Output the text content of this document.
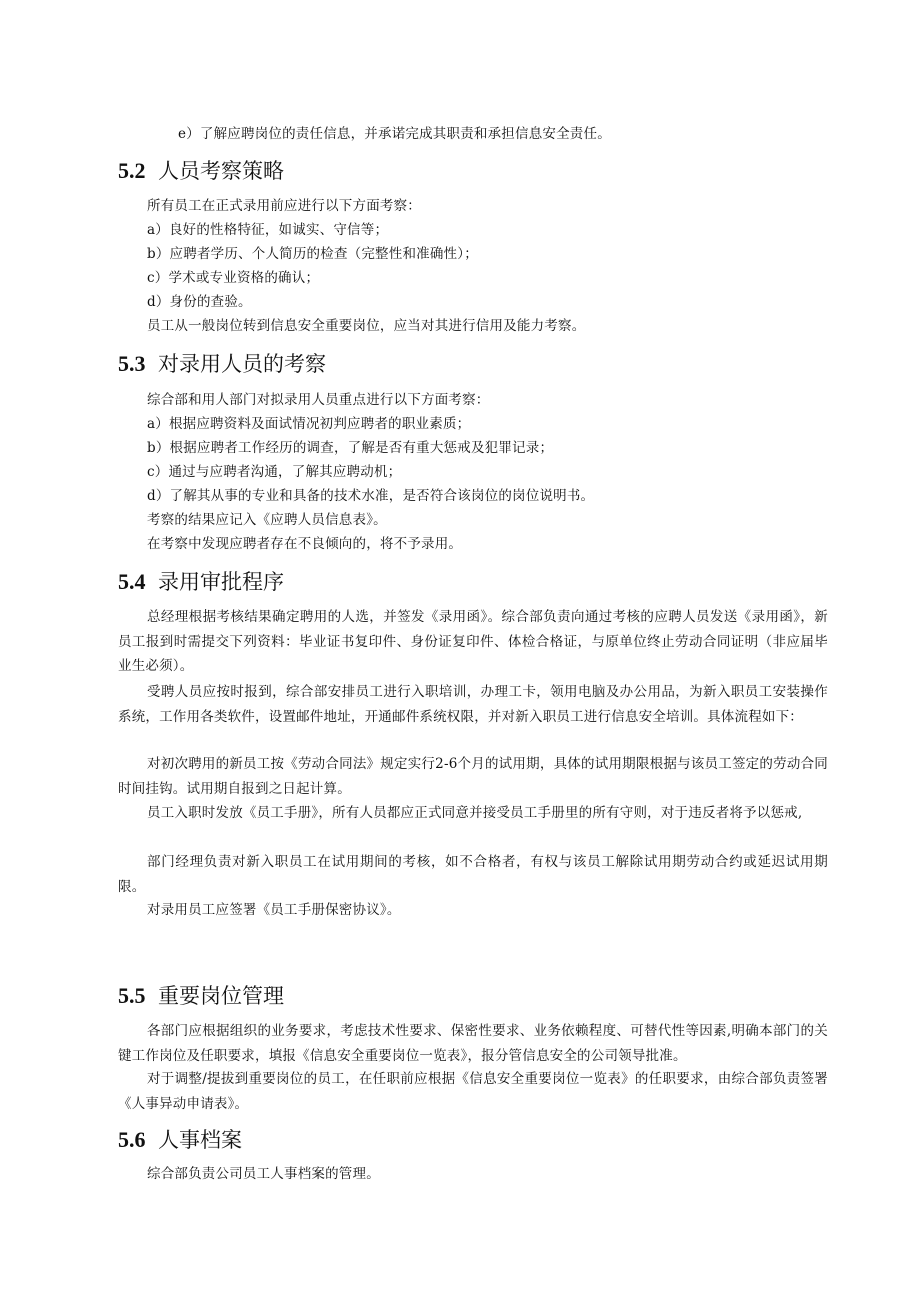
e）了解应聘岗位的责任信息，并承诺完成其职责和承担信息安全责任。
5.2 人员考察策略
所有员工在正式录用前应进行以下方面考察：
a）良好的性格特征，如诚实、守信等；
b）应聘者学历、个人简历的检查（完整性和准确性）；
c）学术或专业资格的确认；
d）身份的查验。
员工从一般岗位转到信息安全重要岗位，应当对其进行信用及能力考察。
5.3 对录用人员的考察
综合部和用人部门对拟录用人员重点进行以下方面考察：
a）根据应聘资料及面试情况初判应聘者的职业素质；
b）根据应聘者工作经历的调查，了解是否有重大惩戒及犯罪记录；
c）通过与应聘者沟通，了解其应聘动机；
d）了解其从事的专业和具备的技术水准，是否符合该岗位的岗位说明书。
考察的结果应记入《应聘人员信息表》。
在考察中发现应聘者存在不良倾向的，将不予录用。
5.4 录用审批程序
总经理根据考核结果确定聘用的人选，并签发《录用函》。综合部负责向通过考核的应聘人员发送《录用函》，新员工报到时需提交下列资料：毕业证书复印件、身份证复印件、体检合格证，与原单位终止劳动合同证明（非应届毕业生必须）。
受聘人员应按时报到，综合部安排员工进行入职培训，办理工卡，领用电脑及办公用品，为新入职员工安装操作系统，工作用各类软件，设置邮件地址，开通邮件系统权限，并对新入职员工进行信息安全培训。具体流程如下：
对初次聘用的新员工按《劳动合同法》规定实行2-6个月的试用期，具体的试用期限根据与该员工签定的劳动合同时间挂钩。试用期自报到之日起计算。
员工入职时发放《员工手册》，所有人员都应正式同意并接受员工手册里的所有守则，对于违反者将予以惩戒,
部门经理负责对新入职员工在试用期间的考核，如不合格者，有权与该员工解除试用期劳动合约或延迟试用期限。
对录用员工应签署《员工手册保密协议》。
5.5 重要岗位管理
各部门应根据组织的业务要求，考虑技术性要求、保密性要求、业务依赖程度、可替代性等因素,明确本部门的关键工作岗位及任职要求，填报《信息安全重要岗位一览表》，报分管信息安全的公司领导批准。
对于调整/提拔到重要岗位的员工，在任职前应根据《信息安全重要岗位一览表》的任职要求，由综合部负责签署《人事异动申请表》。
5.6 人事档案
综合部负责公司员工人事档案的管理。
